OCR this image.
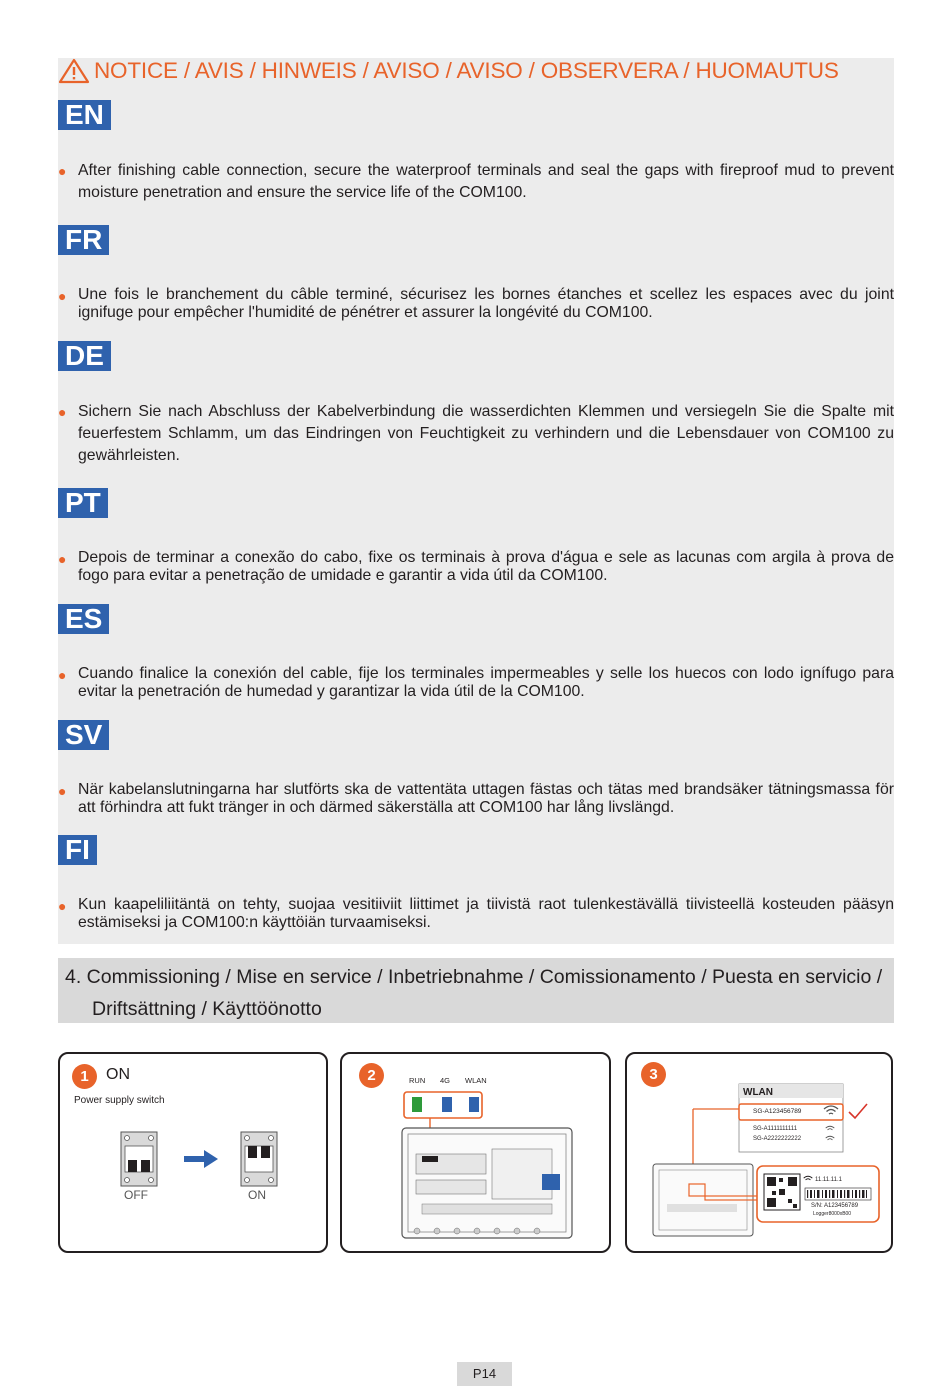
NOTICE / AVIS / HINWEIS / AVISO / AVISO / OBSERVERA / HUOMAUTUS
EN
● After finishing cable connection, secure the waterproof terminals and seal the gaps with fireproof mud to prevent moisture penetration and ensure the service life of the COM100.
FR
● Une fois le branchement du câble terminé, sécurisez les bornes étanches et scellez les espaces avec du joint ignifuge pour empêcher l'humidité de pénétrer et assurer la longévité du COM100.
DE
● Sichern Sie nach Abschluss der Kabelverbindung die wasserdichten Klemmen und versiegeln Sie die Spalte mit feuerfestem Schlamm, um das Eindringen von Feuchtigkeit zu verhindern und die Lebensdauer von COM100 zu gewährleisten.
PT
● Depois de terminar a conexão do cabo, fixe os terminais à prova d'água e sele as lacunas com argila à prova de fogo para evitar a penetração de umidade e garantir a vida útil da COM100.
ES
● Cuando finalice la conexión del cable, fije los terminales impermeables y selle los huecos con lodo ignífugo para evitar la penetración de humedad y garantizar la vida útil de la COM100.
SV
● När kabelanslutningarna har slutförts ska de vattentäta uttagen fästas och tätas med brandsäker tätningsmassa för att förhindra att fukt tränger in och därmed säkerställa att COM100 har lång livslängd.
FI
● Kun kaapeliliitäntä on tehty, suojaa vesitiiviit liittimet ja tiivistä raot tulenkestävällä tiivisteellä kosteuden pääsyn estämiseksi ja COM100:n käyttöiän turvaamiseksi.
4. Commissioning / Mise en service / Inbetriebnahme / Comissionamento / Puesta en servicio /
Driftsättning / Käyttöönotto
1	ON
Power supply switch
OFF	ON
2	RUN 4G WLAN	3
WLAN
SG-A123456789
SG-A1111111111
SG-A2222222222
11.11.11.1
S/N: A123456789
Logger8000xB00
P14
